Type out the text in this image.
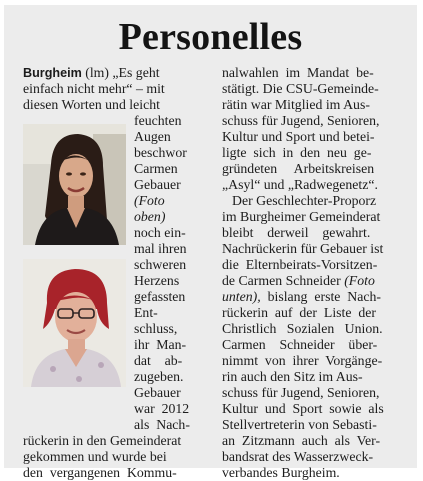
Personelles
Burgheim (lm) „Es geht
einfach nicht mehr“ – mit
diesen Worten und leicht
feuchten
Augen
beschwor
Carmen
Gebauer
(Foto
oben)
noch ein-
mal ihren
schweren
Herzens
gefassten
Ent-
schluss,
ihr  Man-
dat    ab-
zugeben.
Gebauer
war  2012
als  Nach-
rückerin in den Gemeinderat
gekommen und wurde bei
den  vergangenen  Kommu-
nalwahlen  im  Mandat  be-
stätigt. Die CSU-Gemeinde-
rätin war Mitglied im Aus-
schuss für Jugend, Senioren,
Kultur und Sport und betei-
ligte  sich  in  den  neu  ge-
gründeten     Arbeitskreisen
„Asyl“ und „Radwegenetz“.
Der Geschlechter-Proporz
im Burgheimer Gemeinderat
bleibt    derweil    gewahrt.
Nachrückerin für Gebauer ist
die  Elternbeirats-Vorsitzen-
de Carmen Schneider (Foto
unten),  bislang  erste  Nach-
rückerin  auf  der  Liste  der
Christlich   Sozialen   Union.
Carmen    Schneider    über-
nimmt  von  ihrer  Vorgänge-
rin auch den Sitz im Aus-
schuss für Jugend, Senioren,
Kultur  und  Sport  sowie  als
Stellvertreterin von Sebasti-
an  Zitzmann  auch  als  Ver-
bandsrat des Wasserzweck-
verbandes Burgheim.
